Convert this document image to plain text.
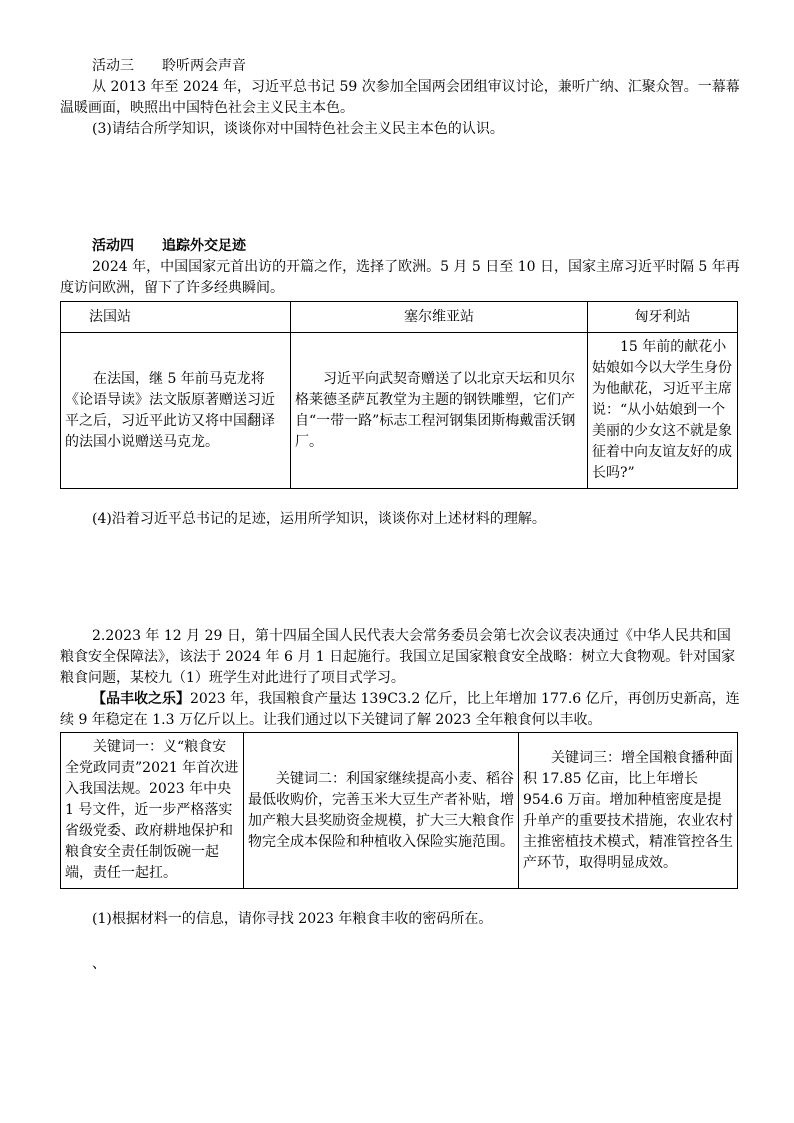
活动三 聆听两会声音

从 2013 年至 2024 年，习近平总书记 59 次参加全国两会团组审议讨论，兼听广纳、汇聚众智。一幕幕温暖画面，映照出中国特色社会主义民主本色。

(3)请结合所学知识，谈谈你对中国特色社会主义民主本色的认识。

活动四 追踪外交足迹

2024 年，中国国家元首出访的开篇之作，选择了欧洲。5 月 5 日至 10 日，国家主席习近平时隔 5 年再度访问欧洲，留下了许多经典瞬间。

法国站	塞尔维亚站	匈牙利站
在法国，继 5 年前马克龙将《论语导读》法文版原著赠送习近平之后，习近平此访又将中国翻译的法国小说赠送马克龙。	习近平向武契奇赠送了以北京天坛和贝尔格莱德圣萨瓦教堂为主题的钢铁雕塑，它们产自“一带一路”标志工程河钢集团斯梅戴雷沃钢厂。	15 年前的献花小姑娘如今以大学生身份为他献花，习近平主席说：“从小姑娘到一个美丽的少女这不就是象征着中向友谊友好的成长吗?”

(4)沿着习近平总书记的足迹，运用所学知识，谈谈你对上述材料的理解。

2.2023 年 12 月 29 日，第十四届全国人民代表大会常务委员会第七次会议表决通过《中华人民共和国粮食安全保障法》，该法于 2024 年 6 月 1 日起施行。我国立足国家粮食安全战略：树立大食物观。针对国家粮食问题，某校九（1）班学生对此进行了项目式学习。

【品丰收之乐】2023 年，我国粮食产量达 139C3.2 亿斤，比上年增加 177.6 亿斤，再创历史新高，连续 9 年稳定在 1.3 万亿斤以上。让我们通过以下关键词了解 2023 全年粮食何以丰收。

关键词一：义“粮食安全党政同责”2021 年首次进入我国法规。2023 年中央 1 号文件，近一步严格落实省级党委、政府耕地保护和粮食安全责任制饭碗一起端，责任一起扛。	关键词二：利国家继续提高小麦、稻谷最低收购价，完善玉米大豆生产者补贴，增加产粮大县奖励资金规模，扩大三大粮食作物完全成本保险和种植收入保险实施范围。	关键词三：增全国粮食播种面积 17.85 亿亩，比上年增长 954.6 万亩。增加种植密度是提升单产的重要技术措施，农业农村主推密植技术模式，精准管控各生产环节，取得明显成效。

(1)根据材料一的信息，请你寻找 2023 年粮食丰收的密码所在。

、
